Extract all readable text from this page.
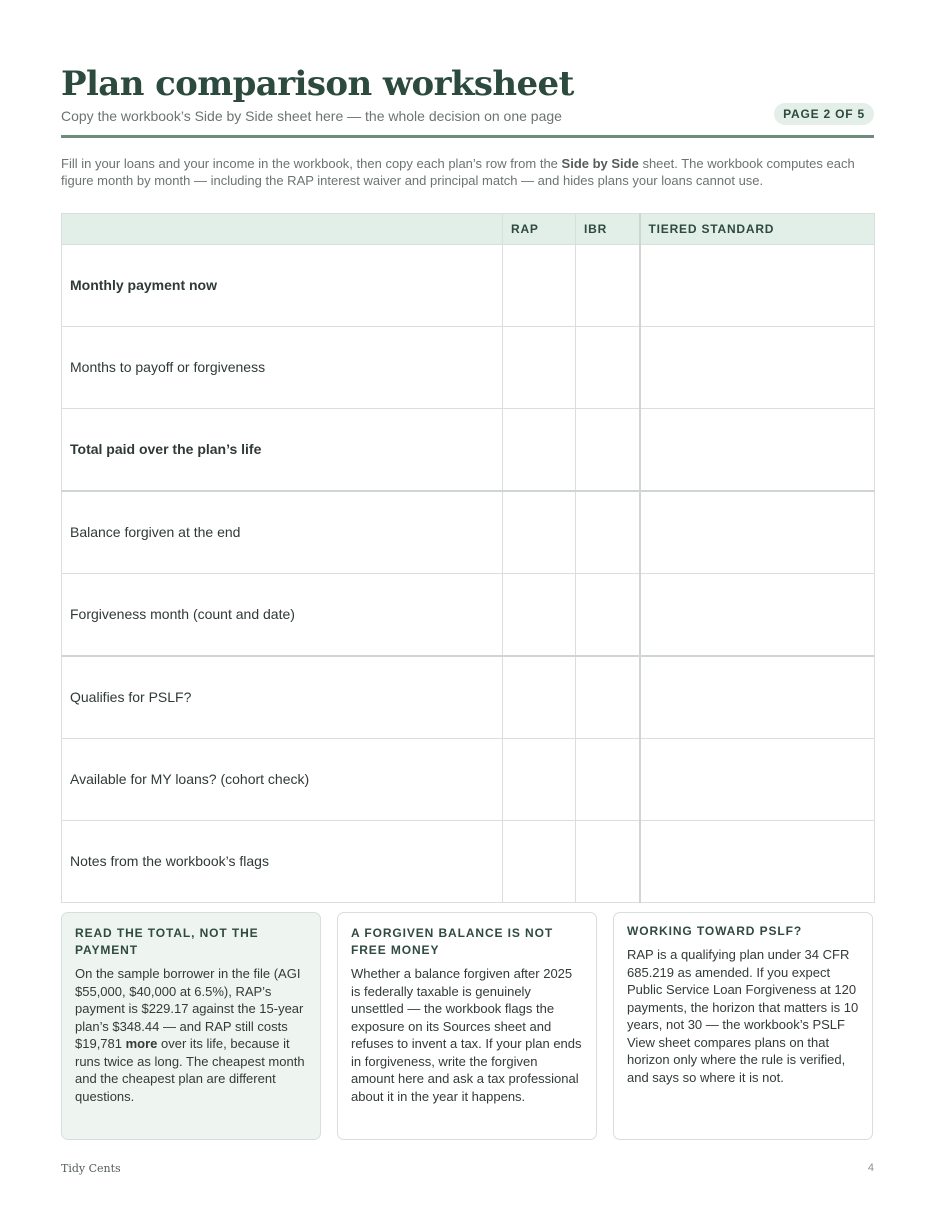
Plan comparison worksheet
Copy the workbook’s Side by Side sheet here — the whole decision on one page	PAGE 2 OF 5
Fill in your loans and your income in the workbook, then copy each plan’s row from the Side by Side sheet. The workbook computes each figure month by month — including the RAP interest waiver and principal match — and hides plans your loans cannot use.
	RAP	IBR	TIERED STANDARD
Monthly payment now			
Months to payoff or forgiveness			
Total paid over the plan’s life			
Balance forgiven at the end			
Forgiveness month (count and date)			
Qualifies for PSLF?			
Available for MY loans? (cohort check)			
Notes from the workbook’s flags			
READ THE TOTAL, NOT THE PAYMENT

On the sample borrower in the file (AGI $55,000, $40,000 at 6.5%), RAP’s payment is $229.17 against the 15-year plan’s $348.44 — and RAP still costs $19,781 more over its life, because it runs twice as long. The cheapest month and the cheapest plan are different questions.

A FORGIVEN BALANCE IS NOT FREE MONEY

Whether a balance forgiven after 2025 is federally taxable is genuinely unsettled — the workbook flags the exposure on its Sources sheet and refuses to invent a tax. If your plan ends in forgiveness, write the forgiven amount here and ask a tax professional about it in the year it happens.

WORKING TOWARD PSLF?

RAP is a qualifying plan under 34 CFR 685.219 as amended. If you expect Public Service Loan Forgiveness at 120 payments, the horizon that matters is 10 years, not 30 — the workbook’s PSLF View sheet compares plans on that horizon only where the rule is verified, and says so where it is not.

Tidy Cents	4
